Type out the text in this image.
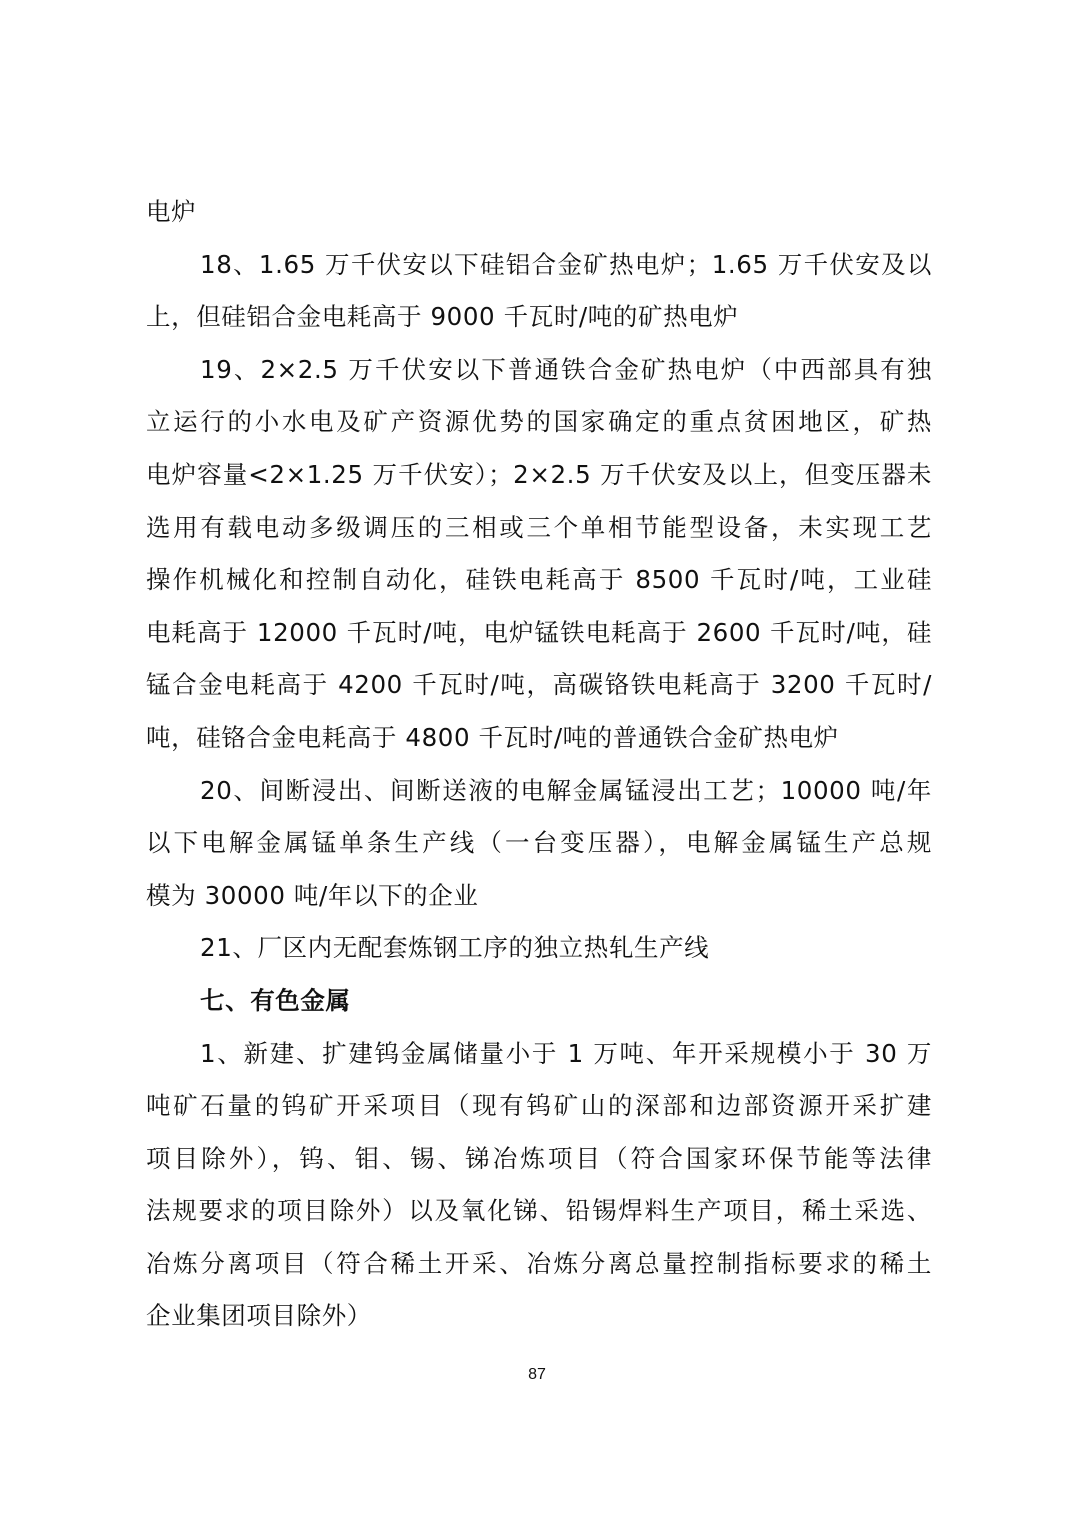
电炉
18、1.65 万千伏安以下硅铝合金矿热电炉；1.65 万千伏安及以
上，但硅铝合金电耗高于 9000 千瓦时/吨的矿热电炉
19、2×2.5 万千伏安以下普通铁合金矿热电炉（中西部具有独
立运行的小水电及矿产资源优势的国家确定的重点贫困地区，矿热
电炉容量<2×1.25 万千伏安）；2×2.5 万千伏安及以上，但变压器未
选用有载电动多级调压的三相或三个单相节能型设备，未实现工艺
操作机械化和控制自动化，硅铁电耗高于 8500 千瓦时/吨，工业硅
电耗高于 12000 千瓦时/吨，电炉锰铁电耗高于 2600 千瓦时/吨，硅
锰合金电耗高于 4200 千瓦时/吨，高碳铬铁电耗高于 3200 千瓦时/
吨，硅铬合金电耗高于 4800 千瓦时/吨的普通铁合金矿热电炉
20、间断浸出、间断送液的电解金属锰浸出工艺；10000 吨/年
以下电解金属锰单条生产线（一台变压器），电解金属锰生产总规
模为 30000 吨/年以下的企业
21、厂区内无配套炼钢工序的独立热轧生产线
七、有色金属
1、新建、扩建钨金属储量小于 1 万吨、年开采规模小于 30 万
吨矿石量的钨矿开采项目（现有钨矿山的深部和边部资源开采扩建
项目除外），钨、钼、锡、锑冶炼项目（符合国家环保节能等法律
法规要求的项目除外）以及氧化锑、铅锡焊料生产项目，稀土采选、
冶炼分离项目（符合稀土开采、冶炼分离总量控制指标要求的稀土
企业集团项目除外）
87
